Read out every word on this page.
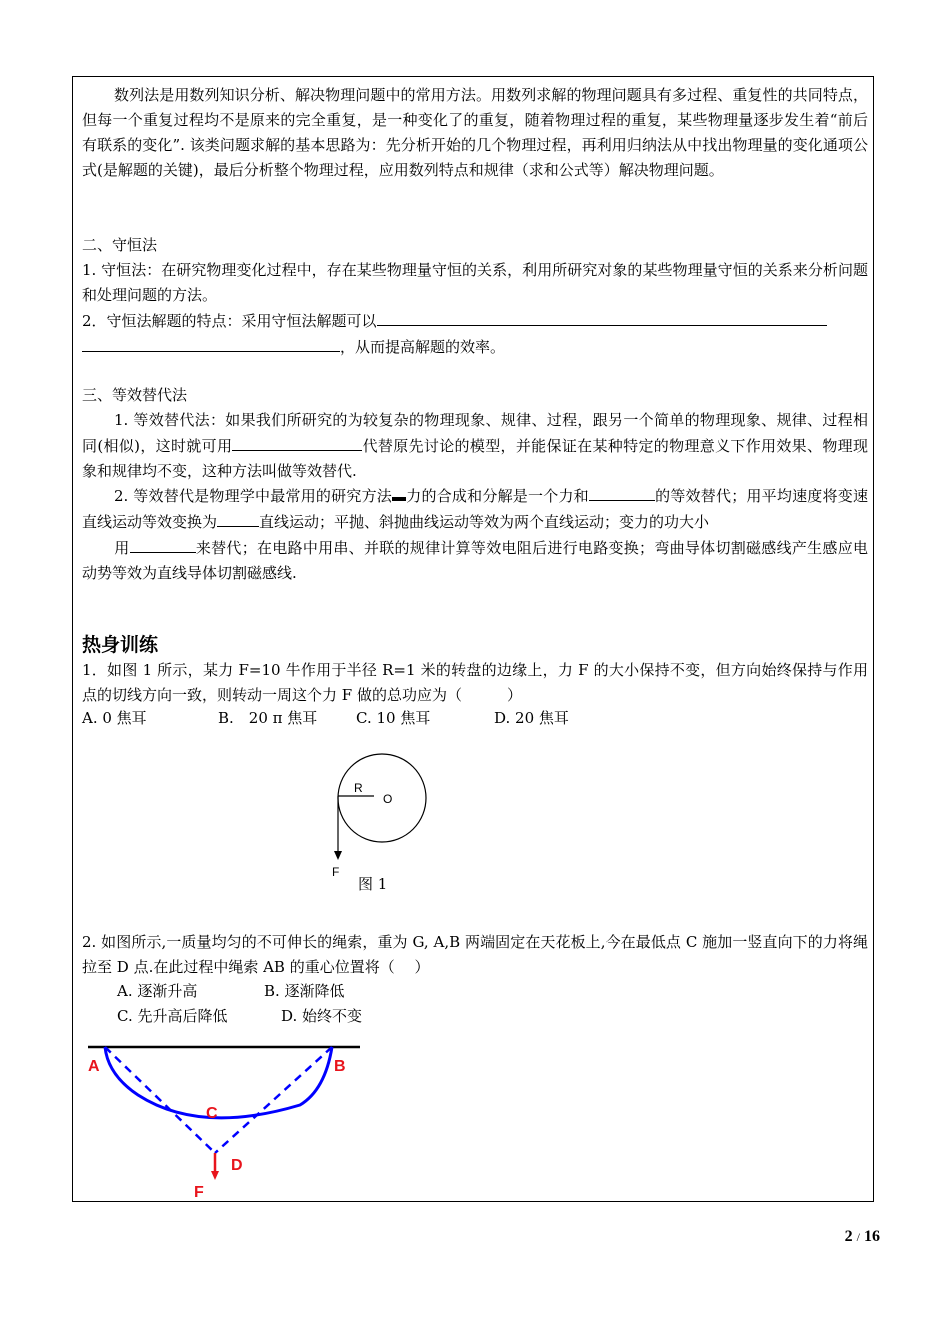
数列法是用数列知识分析、解决物理问题中的常用方法。用数列求解的物理问题具有多过程、重复性的共同特点，但每一个重复过程均不是原来的完全重复，是一种变化了的重复，随着物理过程的重复，某些物理量逐步发生着“前后有联系的变化”. 该类问题求解的基本思路为：先分析开始的几个物理过程，再利用归纳法从中找出物理量的变化通项公式(是解题的关键)，最后分析整个物理过程，应用数列特点和规律（求和公式等）解决物理问题。

二、守恒法

1. 守恒法：在研究物理变化过程中，存在某些物理量守恒的关系，利用所研究对象的某些物理量守恒的关系来分析问题和处理问题的方法。

2．守恒法解题的特点：采用守恒法解题可以
，从而提高解题的效率。

三、等效替代法

1. 等效替代法：如果我们所研究的为较复杂的物理现象、规律、过程，跟另一个简单的物理现象、规律、过程相同(相似)，这时就可用	代替原先讨论的模型，并能保证在某种特定的物理意义下作用效果、物理现象和规律均不变，这种方法叫做等效替代.

2. 等效替代是物理学中最常用的研究方法 力的合成和分解是一个力和	的等效替代；用平均速度将变速直线运动等效变换为	直线运动；平抛、斜抛曲线运动等效为两个直线运动；变力的功大小
用	来替代；在电路中用串、并联的规律计算等效电阻后进行电路变换；弯曲导体切割磁感线产生感应电动势等效为直线导体切割磁感线.

热身训练

1．如图 1 所示，某力 F=10 牛作用于半径 R=1 米的转盘的边缘上，力 F 的大小保持不变，但方向始终保持与作用点的切线方向一致，则转动一周这个力 F 做的总功应为（　　　）

A. 0 焦耳	B.　20 π 焦耳	C. 10 焦耳	D. 20 焦耳
R
O
F
图 1

2. 如图所示,一质量均匀的不可伸长的绳索，重为 G, A,B 两端固定在天花板上,今在最低点 C 施加一竖直向下的力将绳拉至 D 点.在此过程中绳索 AB 的重心位置将（　 ）

A. 逐渐升高	B. 逐渐降低
C. 先升高后降低	D. 始终不变
A	B
C
D
F
2 / 16
